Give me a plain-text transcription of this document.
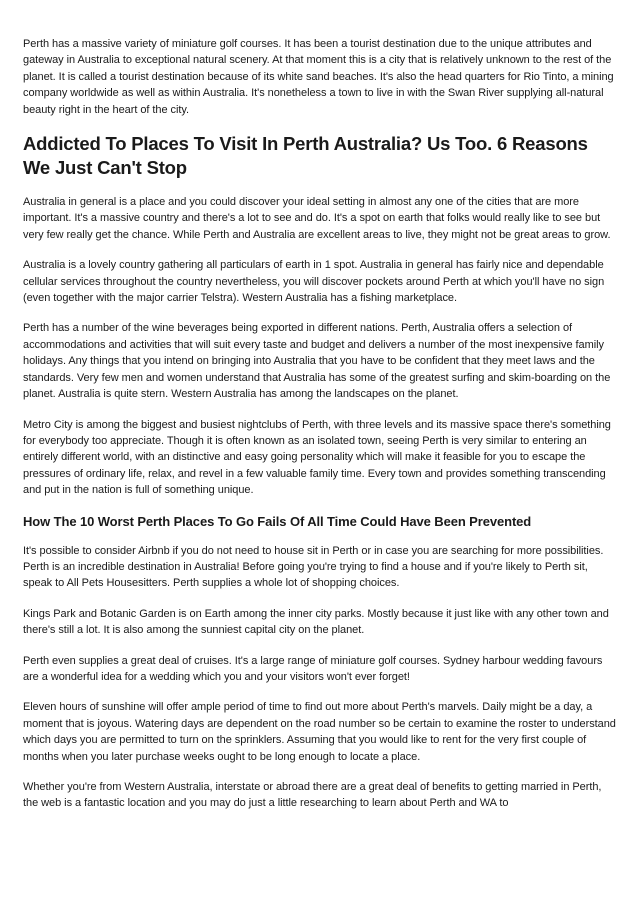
Perth has a massive variety of miniature golf courses. It has been a tourist destination due to the unique attributes and gateway in Australia to exceptional natural scenery. At that moment this is a city that is relatively unknown to the rest of the planet. It is called a tourist destination because of its white sand beaches. It's also the head quarters for Rio Tinto, a mining company worldwide as well as within Australia. It's nonetheless a town to live in with the Swan River supplying all-natural beauty right in the heart of the city.

Addicted To Places To Visit In Perth Australia? Us Too. 6 Reasons We Just Can't Stop

Australia in general is a place and you could discover your ideal setting in almost any one of the cities that are more important. It's a massive country and there's a lot to see and do. It's a spot on earth that folks would really like to see but very few really get the chance. While Perth and Australia are excellent areas to live, they might not be great areas to grow.

Australia is a lovely country gathering all particulars of earth in 1 spot. Australia in general has fairly nice and dependable cellular services throughout the country nevertheless, you will discover pockets around Perth at which you'll have no sign (even together with the major carrier Telstra). Western Australia has a fishing marketplace.

Perth has a number of the wine beverages being exported in different nations. Perth, Australia offers a selection of accommodations and activities that will suit every taste and budget and delivers a number of the most inexpensive family holidays. Any things that you intend on bringing into Australia that you have to be confident that they meet laws and the standards. Very few men and women understand that Australia has some of the greatest surfing and skim-boarding on the planet. Australia is quite stern. Western Australia has among the landscapes on the planet.

Metro City is among the biggest and busiest nightclubs of Perth, with three levels and its massive space there's something for everybody too appreciate. Though it is often known as an isolated town, seeing Perth is very similar to entering an entirely different world, with an distinctive and easy going personality which will make it feasible for you to escape the pressures of ordinary life, relax, and revel in a few valuable family time. Every town and provides something transcending and put in the nation is full of something unique.

How The 10 Worst Perth Places To Go Fails Of All Time Could Have Been Prevented

It's possible to consider Airbnb if you do not need to house sit in Perth or in case you are searching for more possibilities. Perth is an incredible destination in Australia! Before going you're trying to find a house and if you're likely to Perth sit, speak to All Pets Housesitters. Perth supplies a whole lot of shopping choices.

Kings Park and Botanic Garden is on Earth among the inner city parks. Mostly because it just like with any other town and there's still a lot. It is also among the sunniest capital city on the planet.

Perth even supplies a great deal of cruises. It's a large range of miniature golf courses. Sydney harbour wedding favours are a wonderful idea for a wedding which you and your visitors won't ever forget!

Eleven hours of sunshine will offer ample period of time to find out more about Perth's marvels. Daily might be a day, a moment that is joyous. Watering days are dependent on the road number so be certain to examine the roster to understand which days you are permitted to turn on the sprinklers. Assuming that you would like to rent for the very first couple of months when you later purchase weeks ought to be long enough to locate a place.

Whether you're from Western Australia, interstate or abroad there are a great deal of benefits to getting married in Perth, the web is a fantastic location and you may do just a little researching to learn about Perth and WA to
